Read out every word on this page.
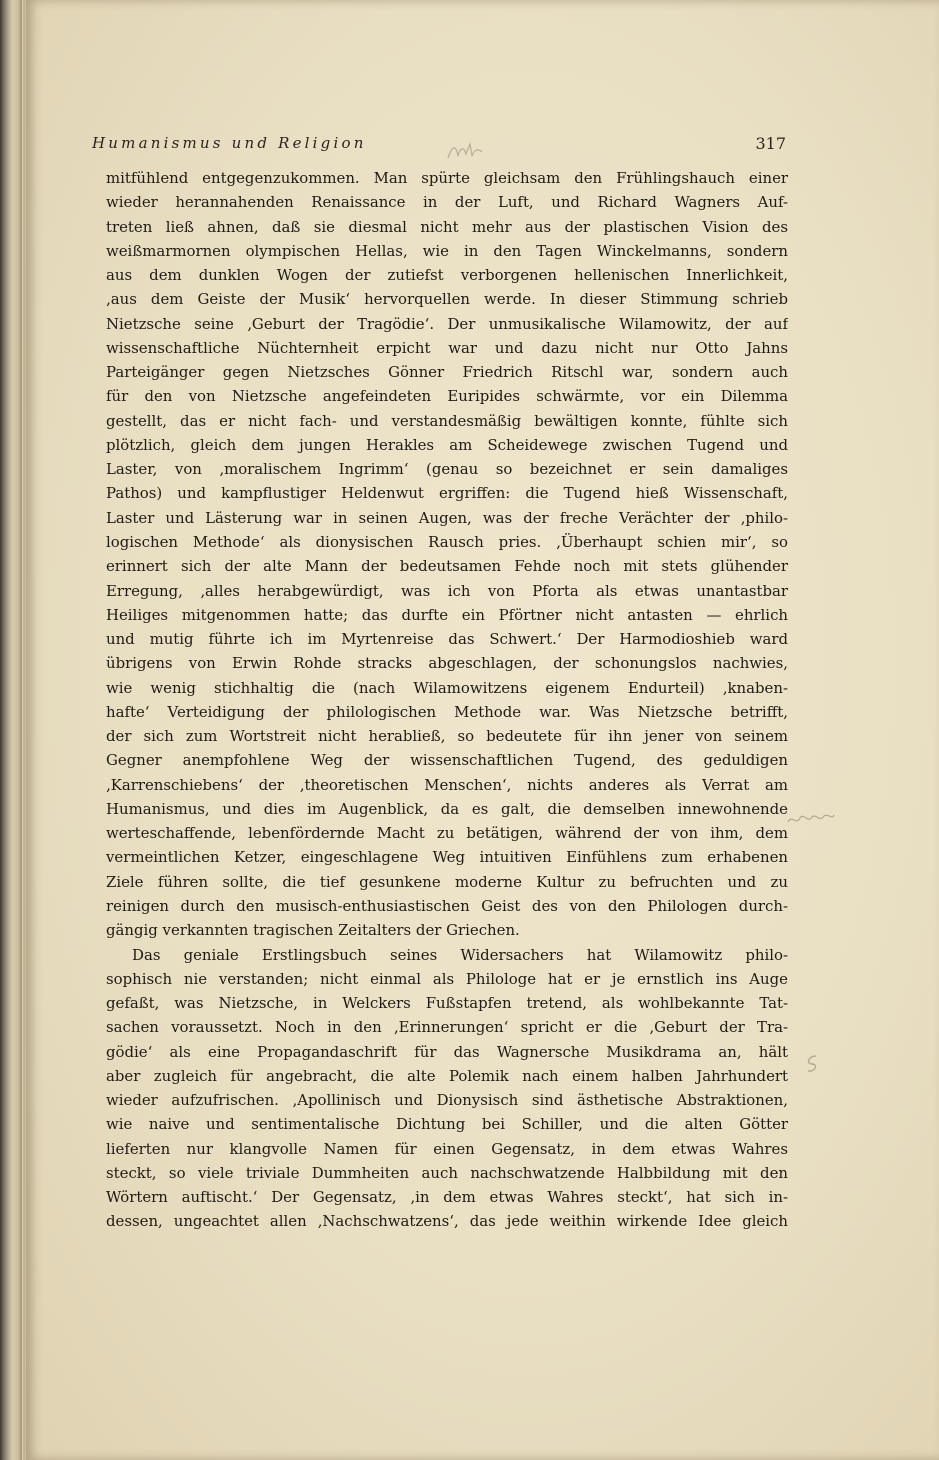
Humanismus und Religion	317
mitfühlend entgegenzukommen. Man spürte gleichsam den Frühlingshauch einer
wieder herannahenden Renaissance in der Luft, und Richard Wagners Auf-
treten ließ ahnen, daß sie diesmal nicht mehr aus der plastischen Vision des
weißmarmornen olympischen Hellas, wie in den Tagen Winckelmanns, sondern
aus dem dunklen Wogen der zutiefst verborgenen hellenischen Innerlichkeit,
‚aus dem Geiste der Musik‘ hervorquellen werde. In dieser Stimmung schrieb
Nietzsche seine ‚Geburt der Tragödie‘. Der unmusikalische Wilamowitz, der auf
wissenschaftliche Nüchternheit erpicht war und dazu nicht nur Otto Jahns
Parteigänger gegen Nietzsches Gönner Friedrich Ritschl war, sondern auch
für den von Nietzsche angefeindeten Euripides schwärmte, vor ein Dilemma
gestellt, das er nicht fach- und verstandesmäßig bewältigen konnte, fühlte sich
plötzlich, gleich dem jungen Herakles am Scheidewege zwischen Tugend und
Laster, von ‚moralischem Ingrimm‘ (genau so bezeichnet er sein damaliges
Pathos) und kampflustiger Heldenwut ergriffen: die Tugend hieß Wissenschaft,
Laster und Lästerung war in seinen Augen, was der freche Verächter der ‚philo-
logischen Methode‘ als dionysischen Rausch pries. ‚Überhaupt schien mir‘, so
erinnert sich der alte Mann der bedeutsamen Fehde noch mit stets glühender
Erregung, ‚alles herabgewürdigt, was ich von Pforta als etwas unantastbar
Heiliges mitgenommen hatte; das durfte ein Pförtner nicht antasten — ehrlich
und mutig führte ich im Myrtenreise das Schwert.‘ Der Harmodioshieb ward
übrigens von Erwin Rohde stracks abgeschlagen, der schonungslos nachwies,
wie wenig stichhaltig die (nach Wilamowitzens eigenem Endurteil) ‚knaben-
hafte‘ Verteidigung der philologischen Methode war. Was Nietzsche betrifft,
der sich zum Wortstreit nicht herabließ, so bedeutete für ihn jener von seinem
Gegner anempfohlene Weg der wissenschaftlichen Tugend, des geduldigen
‚Karrenschiebens‘ der ‚theoretischen Menschen‘, nichts anderes als Verrat am
Humanismus, und dies im Augenblick, da es galt, die demselben innewohnende
werteschaffende, lebenfördernde Macht zu betätigen, während der von ihm, dem
vermeintlichen Ketzer, eingeschlagene Weg intuitiven Einfühlens zum erhabenen
Ziele führen sollte, die tief gesunkene moderne Kultur zu befruchten und zu
reinigen durch den musisch-enthusiastischen Geist des von den Philologen durch-
gängig verkannten tragischen Zeitalters der Griechen.
Das geniale Erstlingsbuch seines Widersachers hat Wilamowitz philo-
sophisch nie verstanden; nicht einmal als Philologe hat er je ernstlich ins Auge
gefaßt, was Nietzsche, in Welckers Fußstapfen tretend, als wohlbekannte Tat-
sachen voraussetzt. Noch in den ‚Erinnerungen‘ spricht er die ‚Geburt der Tra-
gödie‘ als eine Propagandaschrift für das Wagnersche Musikdrama an, hält
aber zugleich für angebracht, die alte Polemik nach einem halben Jahrhundert
wieder aufzufrischen. ‚Apollinisch und Dionysisch sind ästhetische Abstraktionen,
wie naive und sentimentalische Dichtung bei Schiller, und die alten Götter
lieferten nur klangvolle Namen für einen Gegensatz, in dem etwas Wahres
steckt, so viele triviale Dummheiten auch nachschwatzende Halbbildung mit den
Wörtern auftischt.‘ Der Gegensatz, ‚in dem etwas Wahres steckt‘, hat sich in-
dessen, ungeachtet allen ‚Nachschwatzens‘, das jede weithin wirkende Idee gleich
